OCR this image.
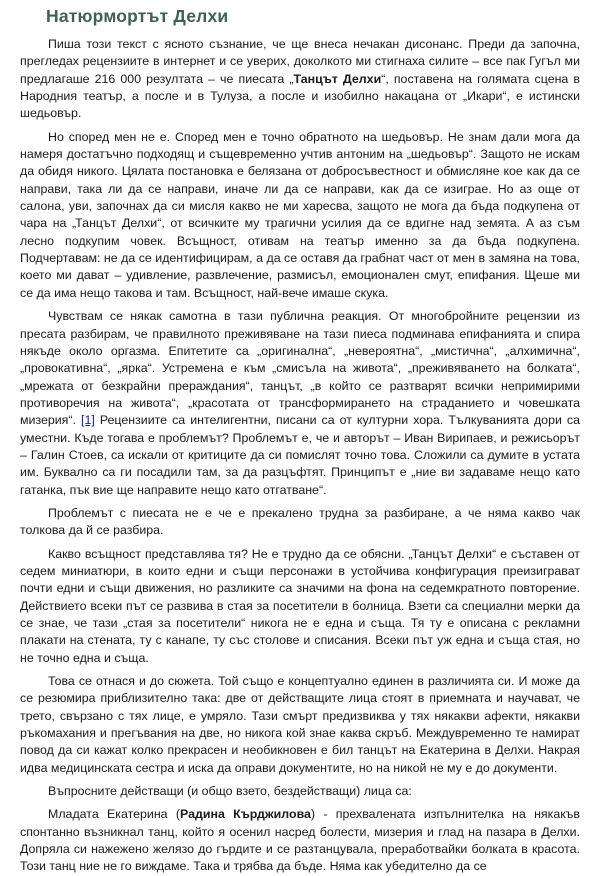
Натюрмортът Делхи

Пиша този текст с ясното съзнание, че ще внеса нечакан дисонанс. Преди да започна, прегледах рецензиите в интернет и се уверих, доколкото ми стигнаха силите – все пак Гугъл ми предлагаше 216 000 резултата – че пиесата „Танцът Делхи“, поставена на голямата сцена в Народния театър, а после и в Тулуза, а после и изобилно накацана от „Икари“, е истински шедьовър.

Но според мен не е. Според мен е точно обратното на шедьовър. Не знам дали мога да намеря достатъчно подходящ и същевременно учтив антоним на „шедьовър“. Защото не искам да обидя никого. Цялата постановка е белязана от добросъвестност и обмисляне кое как да се направи, така ли да се направи, иначе ли да се направи, как да се изиграе. Но аз още от салона, уви, започнах да си мисля какво не ми харесва, защото не мога да бъда подкупена от чара на „Танцът Делхи“, от всичките му трагични усилия да се вдигне над земята. А аз съм лесно подкупим човек. Всъщност, отивам на театър именно за да бъда подкупена. Подчертавам: не да се идентифицирам, а да се оставя да грабнат част от мен в замяна на това, което ми дават – удивление, развлечение, размисъл, емоционален смут, епифания. Щеше ми се да има нещо такова и там. Всъщност, най-вече имаше скука.

Чувствам се някак самотна в тази публична реакция. От многобройните рецензии из пресата разбирам, че правилното преживяване на тази пиеса подминава епифанията и спира някъде около оргазма. Епитетите са „оригинална“, „невероятна“, „мистична“, „алхимична“, „провокативна“, „ярка“. Устремена е към „смисъла на живота“, „преживяването на болката“, „мрежата от безкрайни прераждания“, танцът, „в който се разтварят всички непримирими противоречия на живота“, „красотата от трансформирането на страданието и човешката мизерия“. [1] Рецензиите са интелигентни, писани са от културни хора. Тълкуванията дори са уместни. Къде тогава е проблемът? Проблемът е, че и авторът – Иван Вирипаев, и режисьорът – Галин Стоев, са искали от критиците да си помислят точно това. Сложили са думите в устата им. Буквално са ги посадили там, за да разцъфтят. Принципът е „ние ви задаваме нещо като гатанка, пък вие ще направите нещо като отгатване“.

Проблемът с пиесата не е че е прекалено трудна за разбиране, а че няма какво чак толкова да й се разбира.

Какво всъщност представлява тя? Не е трудно да се обясни. „Танцът Делхи“ е съставен от седем миниатюри, в които едни и същи персонажи в устойчива конфигурация преизиграват почти едни и същи движения, но разликите са значими на фона на седемкратното повторение. Действието всеки път се развива в стая за посетители в болница. Взети са специални мерки да се знае, че тази „стая за посетители“ никога не е една и съща. Тя ту е описана с рекламни плакати на стената, ту с канапе, ту със столове и списания. Всеки път уж една и съща стая, но не точно една и съща.

Това се отнася и до сюжета. Той също е концептуално единен в различията си. И може да се резюмира приблизително така: две от действащите лица стоят в приемната и научават, че трето, свързано с тях лице, е умряло. Тази смърт предизвиква у тях някакви афекти, някакви ръкомахания и прегъвания на две, но никога кой знае каква скръб. Междувременно те намират повод да си кажат колко прекрасен и необикновен е бил танцът на Екатерина в Делхи. Накрая идва медицинската сестра и иска да оправи документите, но на никой не му е до документи.

Въпросните действащи (и общо взето, бездействащи) лица са:

Младата Екатерина (Радина Кърджилова) - прехвалената изпълнителка на някакъв спонтанно възникнал танц, който я осенил насред болести, мизерия и глад на пазара в Делхи. Допряла си нажежено желязо до гърдите и се разтанцувала, преработвайки болката в красота. Този танц ние не го виждаме. Така и трябва да бъде. Няма как убедително да се
